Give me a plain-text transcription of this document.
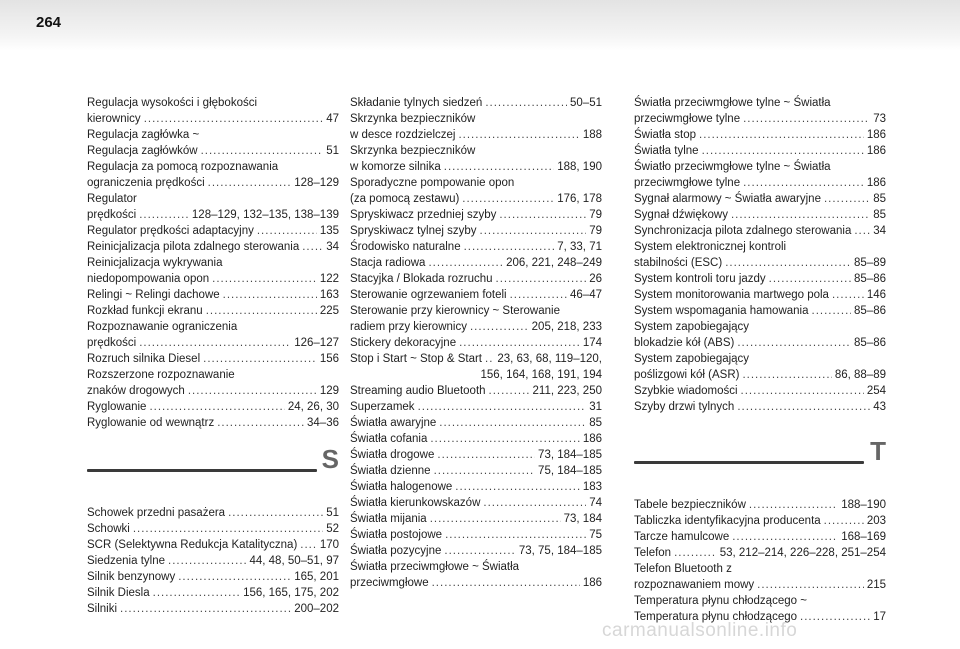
264
Regulacja wysokości i głębokości
kierownicy .....	47
Regulacja zagłówka ~
Regulacja zagłówków .....	51
Regulacja za pomocą rozpoznawania
ograniczenia prędkości .....	128–129
Regulator
prędkości .....	128–129, 132–135, 138–139
Regulator prędkości adaptacyjny .....	135
Reinicjalizacja pilota zdalnego sterowania ..... 34
Reinicjalizacja wykrywania
niedopompowania opon .....	122
Relingi ~ Relingi dachowe .....	163
Rozkład funkcji ekranu .....	225
Rozpoznawanie ograniczenia
prędkości .....	126–127
Rozruch silnika Diesel .....	156
Rozszerzone rozpoznawanie
znaków drogowych .....	129
Ryglowanie .....	24, 26, 30
Ryglowanie od wewnątrz .....	34–36
S
Schowek przedni pasażera .....	51
Schowki .....	52
SCR (Selektywna Redukcja Katalityczna) ..... 170
Siedzenia tylne .....	44, 48, 50–51, 97
Silnik benzynowy .....	165, 201
Silnik Diesla .....	156, 165, 175, 202
Silniki .....	200–202
Składanie tylnych siedzeń .....	50–51
Skrzynka bezpieczników
w desce rozdzielczej .....	188
Skrzynka bezpieczników
w komorze silnika .....	188, 190
Sporadyczne pompowanie opon
(za pomocą zestawu) .....	176, 178
Spryskiwacz przedniej szyby .....	79
Spryskiwacz tylnej szyby .....	79
Środowisko naturalne .....	7, 33, 71
Stacja radiowa .....	206, 221, 248–249
Stacyjka / Blokada rozruchu .....	26
Sterowanie ogrzewaniem foteli .....	46–47
Sterowanie przy kierownicy ~ Sterowanie
radiem przy kierownicy .....	205, 218, 233
Stickery dekoracyjne .....	174
Stop i Start ~ Stop & Start ..... 23, 63, 68, 119–120,
156, 164, 168, 191, 194
Streaming audio Bluetooth .....	211, 223, 250
Superzamek .....	31
Światła awaryjne .....	85
Światła cofania .....	186
Światła drogowe .....	73, 184–185
Światła dzienne .....	75, 184–185
Światła halogenowe .....	183
Światła kierunkowskazów .....	74
Światła mijania .....	73, 184
Światła postojowe .....	75
Światła pozycyjne .....	73, 75, 184–185
Światła przeciwmgłowe ~ Światła
przeciwmgłowe .....	186
Światła przeciwmgłowe tylne ~ Światła
przeciwmgłowe tylne .....	73
Światła stop .....	186
Światła tylne .....	186
Światło przeciwmgłowe tylne ~ Światła
przeciwmgłowe tylne .....	186
Sygnał alarmowy ~ Światła awaryjne .....	85
Sygnał dźwiękowy .....	85
Synchronizacja pilota zdalnego sterowania ..... 34
System elektronicznej kontroli
stabilności (ESC) .....	85–89
System kontroli toru jazdy .....	85–86
System monitorowania martwego pola .....	146
System wspomagania hamowania .....	85–86
System zapobiegający
blokadzie kół (ABS) .....	85–86
System zapobiegający
poślizgowi kół (ASR) .....	86, 88–89
Szybkie wiadomości .....	254
Szyby drzwi tylnych .....	43
T
Tabele bezpieczników .....	188–190
Tabliczka identyfikacyjna producenta .....	203
Tarcze hamulcowe .....	168–169
Telefon .....	53, 212–214, 226–228, 251–254
Telefon Bluetooth z
rozpoznawaniem mowy .....	215
Temperatura płynu chłodzącego ~
Temperatura płynu chłodzącego .....	17
carmanualsonline.info
